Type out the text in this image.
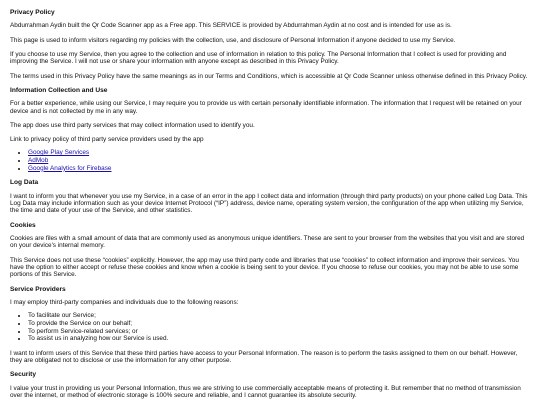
Privacy Policy

Abdurrahman Aydin built the Qr Code Scanner app as a Free app. This SERVICE is provided by Abdurrahman Aydin at no cost and is intended for use as is.

This page is used to inform visitors regarding my policies with the collection, use, and disclosure of Personal Information if anyone decided to use my Service.

If you choose to use my Service, then you agree to the collection and use of information in relation to this policy. The Personal Information that I collect is used for providing and improving the Service. I will not use or share your information with anyone except as described in this Privacy Policy.

The terms used in this Privacy Policy have the same meanings as in our Terms and Conditions, which is accessible at Qr Code Scanner unless otherwise defined in this Privacy Policy.

Information Collection and Use

For a better experience, while using our Service, I may require you to provide us with certain personally identifiable information. The information that I request will be retained on your device and is not collected by me in any way.

The app does use third party services that may collect information used to identify you.

Link to privacy policy of third party service providers used by the app

• Google Play Services
• AdMob
• Google Analytics for Firebase
Log Data

I want to inform you that whenever you use my Service, in a case of an error in the app I collect data and information (through third party products) on your phone called Log Data. This Log Data may include information such as your device Internet Protocol (“IP”) address, device name, operating system version, the configuration of the app when utilizing my Service, the time and date of your use of the Service, and other statistics.

Cookies

Cookies are files with a small amount of data that are commonly used as anonymous unique identifiers. These are sent to your browser from the websites that you visit and are stored on your device's internal memory.

This Service does not use these “cookies” explicitly. However, the app may use third party code and libraries that use “cookies” to collect information and improve their services. You have the option to either accept or refuse these cookies and know when a cookie is being sent to your device. If you choose to refuse our cookies, you may not be able to use some portions of this Service.

Service Providers

I may employ third-party companies and individuals due to the following reasons:

• To facilitate our Service;
• To provide the Service on our behalf;
• To perform Service-related services; or
• To assist us in analyzing how our Service is used.

I want to inform users of this Service that these third parties have access to your Personal Information. The reason is to perform the tasks assigned to them on our behalf. However, they are obligated not to disclose or use the information for any other purpose.

Security

I value your trust in providing us your Personal Information, thus we are striving to use commercially acceptable means of protecting it. But remember that no method of transmission over the internet, or method of electronic storage is 100% secure and reliable, and I cannot guarantee its absolute security.
